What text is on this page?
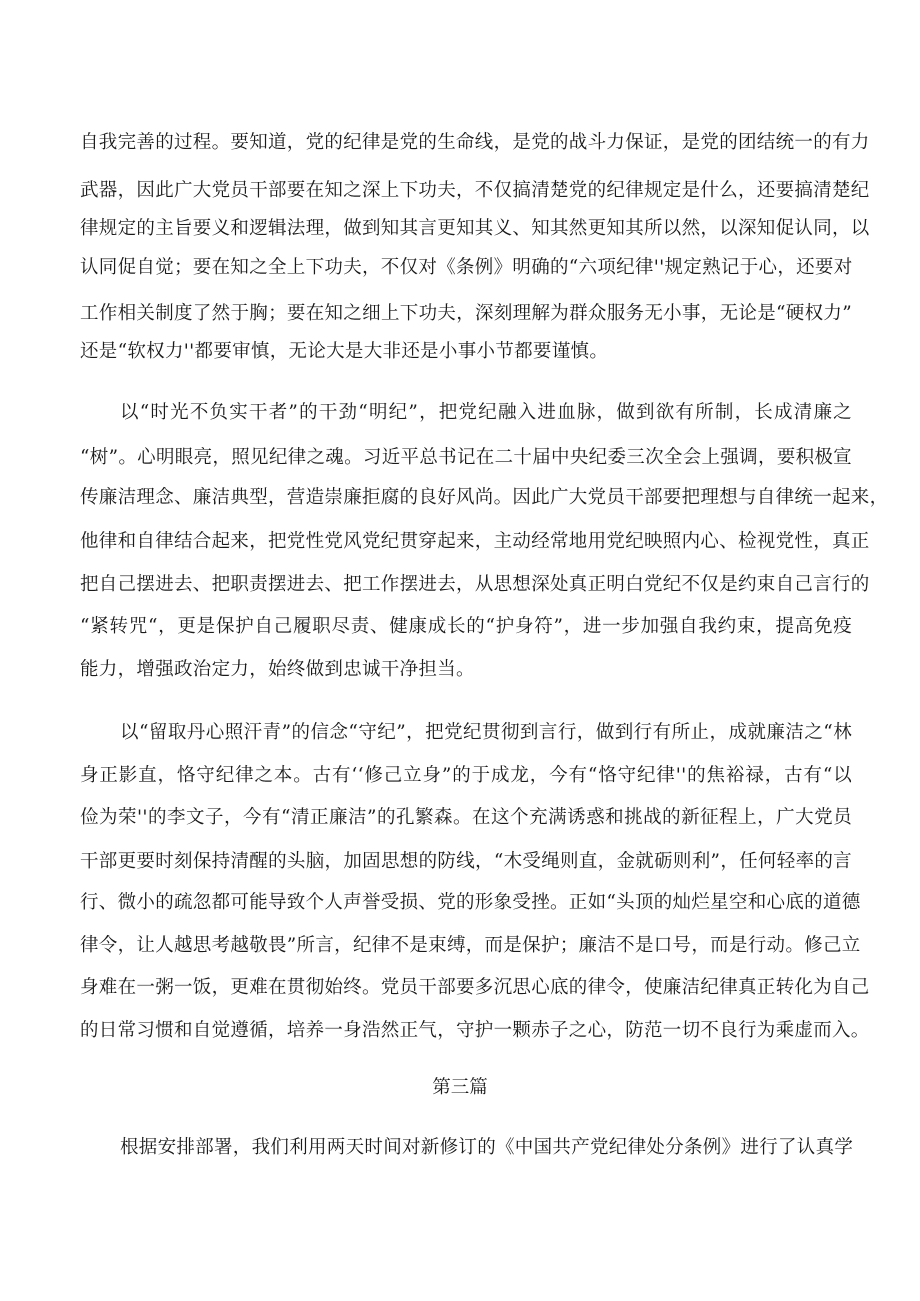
自我完善的过程。要知道，党的纪律是党的生命线，是党的战斗力保证，是党的团结统一的有力
武器，因此广大党员干部要在知之深上下功夫，不仅搞清楚党的纪律规定是什么，还要搞清楚纪
律规定的主旨要义和逻辑法理，做到知其言更知其义、知其然更知其所以然，以深知促认同，以
认同促自觉；要在知之全上下功夫，不仅对《条例》明确的“六项纪律''规定熟记于心，还要对
工作相关制度了然于胸；要在知之细上下功夫，深刻理解为群众服务无小事，无论是“硬权力”
还是“软权力''都要审慎，无论大是大非还是小事小节都要谨慎。
以“时光不负实干者”的干劲“明纪”，把党纪融入进血脉，做到欲有所制，长成清廉之
“树”。心明眼亮，照见纪律之魂。习近平总书记在二十届中央纪委三次全会上强调，要积极宣
传廉洁理念、廉洁典型，营造崇廉拒腐的良好风尚。因此广大党员干部要把理想与自律统一起来，
他律和自律结合起来，把党性党风党纪贯穿起来，主动经常地用党纪映照内心、检视党性，真正
把自己摆进去、把职责摆进去、把工作摆进去，从思想深处真正明白党纪不仅是约束自己言行的
“紧转咒“，更是保护自己履职尽责、健康成长的“护身符”，进一步加强自我约束，提高免疫
能力，增强政治定力，始终做到忠诚干净担当。
以“留取丹心照汗青”的信念“守纪”，把党纪贯彻到言行，做到行有所止，成就廉洁之“林
身正影直，恪守纪律之本。古有‘‘修己立身”的于成龙，今有“恪守纪律''的焦裕禄，古有“以
俭为荣''的李文子，今有“清正廉洁”的孔繁森。在这个充满诱惑和挑战的新征程上，广大党员
干部更要时刻保持清醒的头脑，加固思想的防线，“木受绳则直，金就砺则利”，任何轻率的言
行、微小的疏忽都可能导致个人声誉受损、党的形象受挫。正如“头顶的灿烂星空和心底的道德
律令，让人越思考越敬畏”所言，纪律不是束缚，而是保护；廉洁不是口号，而是行动。修己立
身难在一粥一饭，更难在贯彻始终。党员干部要多沉思心底的律令，使廉洁纪律真正转化为自己
的日常习惯和自觉遵循，培养一身浩然正气，守护一颗赤子之心，防范一切不良行为乘虚而入。
第三篇
根据安排部署，我们利用两天时间对新修订的《中国共产党纪律处分条例》进行了认真学
